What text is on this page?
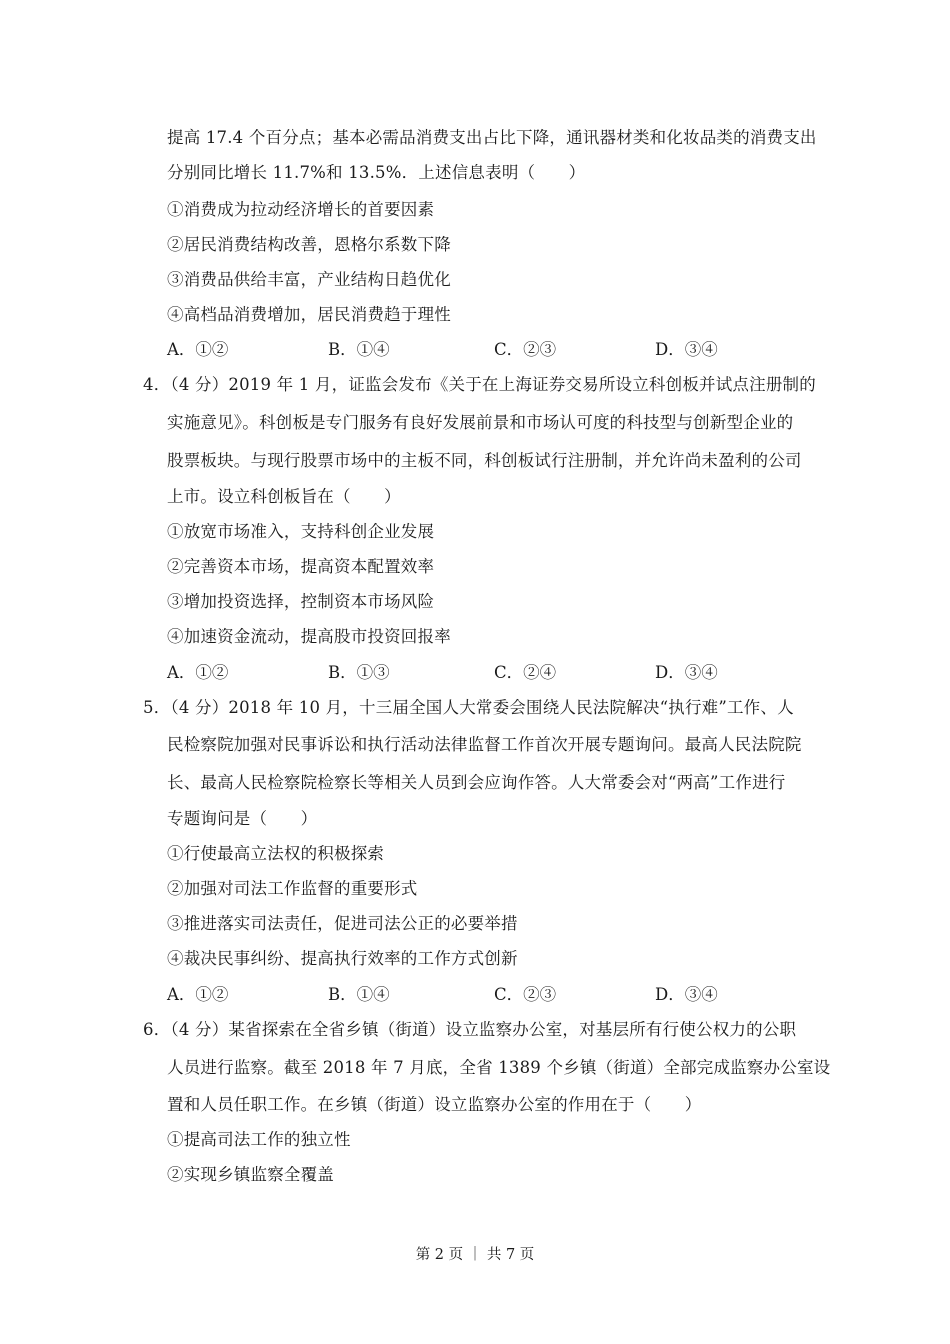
提高 17.4 个百分点；基本必需品消费支出占比下降，通讯器材类和化妆品类的消费支出
分别同比增长 11.7%和 13.5%．上述信息表明（　　）
①消费成为拉动经济增长的首要因素
②居民消费结构改善，恩格尔系数下降
③消费品供给丰富，产业结构日趋优化
④高档品消费增加，居民消费趋于理性
A．①②	B．①④	C．②③	D．③④
4．（4 分）2019 年 1 月，证监会发布《关于在上海证券交易所设立科创板并试点注册制的
实施意见》。科创板是专门服务有良好发展前景和市场认可度的科技型与创新型企业的
股票板块。与现行股票市场中的主板不同，科创板试行注册制，并允许尚未盈利的公司
上市。设立科创板旨在（　　）
①放宽市场准入，支持科创企业发展
②完善资本市场，提高资本配置效率
③增加投资选择，控制资本市场风险
④加速资金流动，提高股市投资回报率
A．①②	B．①③	C．②④	D．③④
5．（4 分）2018 年 10 月，十三届全国人大常委会围绕人民法院解决“执行难”工作、人
民检察院加强对民事诉讼和执行活动法律监督工作首次开展专题询问。最高人民法院院
长、最高人民检察院检察长等相关人员到会应询作答。人大常委会对“两高”工作进行
专题询问是（　　）
①行使最高立法权的积极探索
②加强对司法工作监督的重要形式
③推进落实司法责任，促进司法公正的必要举措
④裁决民事纠纷、提高执行效率的工作方式创新
A．①②	B．①④	C．②③	D．③④
6．（4 分）某省探索在全省乡镇（街道）设立监察办公室，对基层所有行使公权力的公职
人员进行监察。截至 2018 年 7 月底，全省 1389 个乡镇（街道）全部完成监察办公室设
置和人员任职工作。在乡镇（街道）设立监察办公室的作用在于（　　）
①提高司法工作的独立性
②实现乡镇监察全覆盖
第 2 页 ｜ 共 7 页
